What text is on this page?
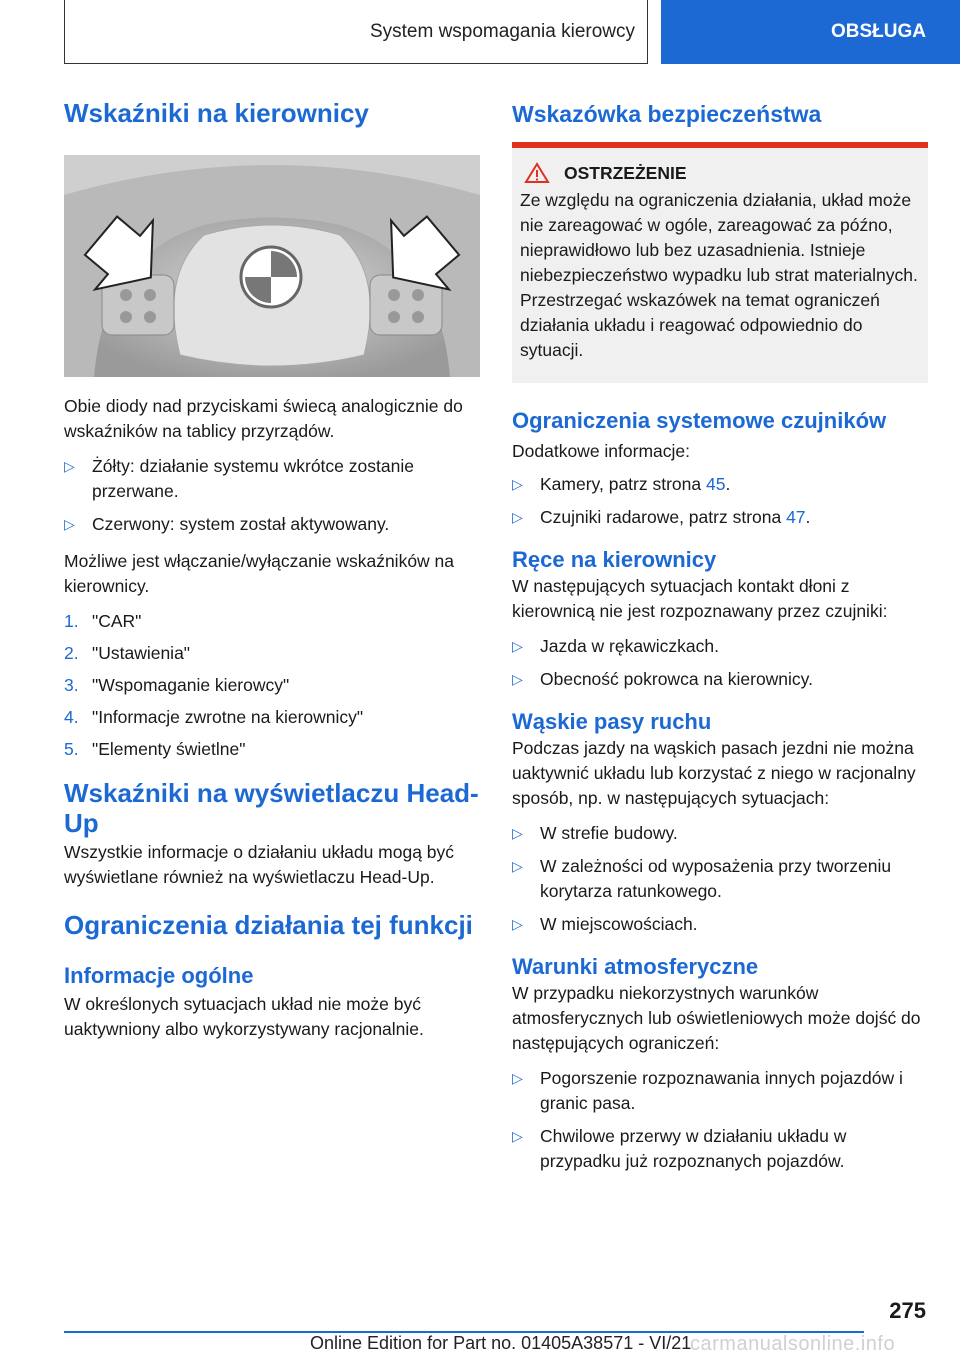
System wspomagania kierowcy	OBSŁUGA
Wskaźniki na kierownicy

Obie diody nad przyciskami świecą analogicznie do wskaźników na tablicy przyrządów.

▷ Żółty: działanie systemu wkrótce zostanie przerwane.
▷ Czerwony: system został aktywowany.

Możliwe jest włączanie/wyłączanie wskaźników na kierownicy.

1. "CAR"
2. "Ustawienia"
3. "Wspomaganie kierowcy"
4. "Informacje zwrotne na kierownicy"
5. "Elementy świetlne"
Wskaźniki na wyświetlaczu Head-Up

Wszystkie informacje o działaniu układu mogą być wyświetlane również na wyświetlaczu Head-Up.

Ograniczenia działania tej funkcji
Informacje ogólne

W określonych sytuacjach układ nie może być uaktywniony albo wykorzystywany racjonalnie.

Wskazówka bezpieczeństwa
OSTRZEŻENIE

Ze względu na ograniczenia działania, układ może nie zareagować w ogóle, zareagować za późno, nieprawidłowo lub bez uzasadnienia. Istnieje niebezpieczeństwo wypadku lub strat materialnych. Przestrzegać wskazówek na temat ograniczeń działania układu i reagować odpowiednio do sytuacji.

Ograniczenia systemowe czujników

Dodatkowe informacje:

▷ Kamery, patrz strona 45.
▷ Czujniki radarowe, patrz strona 47.
Ręce na kierownicy

W następujących sytuacjach kontakt dłoni z kierownicą nie jest rozpoznawany przez czujniki:

▷ Jazda w rękawiczkach.
▷ Obecność pokrowca na kierownicy.
Wąskie pasy ruchu

Podczas jazdy na wąskich pasach jezdni nie można uaktywnić układu lub korzystać z niego w racjonalny sposób, np. w następujących sytuacjach:

▷ W strefie budowy.
▷ W zależności od wyposażenia przy tworzeniu korytarza ratunkowego.
▷ W miejscowościach.
Warunki atmosferyczne

W przypadku niekorzystnych warunków atmosferycznych lub oświetleniowych może dojść do następujących ograniczeń:

▷ Pogorszenie rozpoznawania innych pojazdów i granic pasa.
▷ Chwilowe przerwy w działaniu układu w przypadku już rozpoznanych pojazdów.
275
Online Edition for Part no. 01405A38571 - VI/21
carmanualsonline.info
